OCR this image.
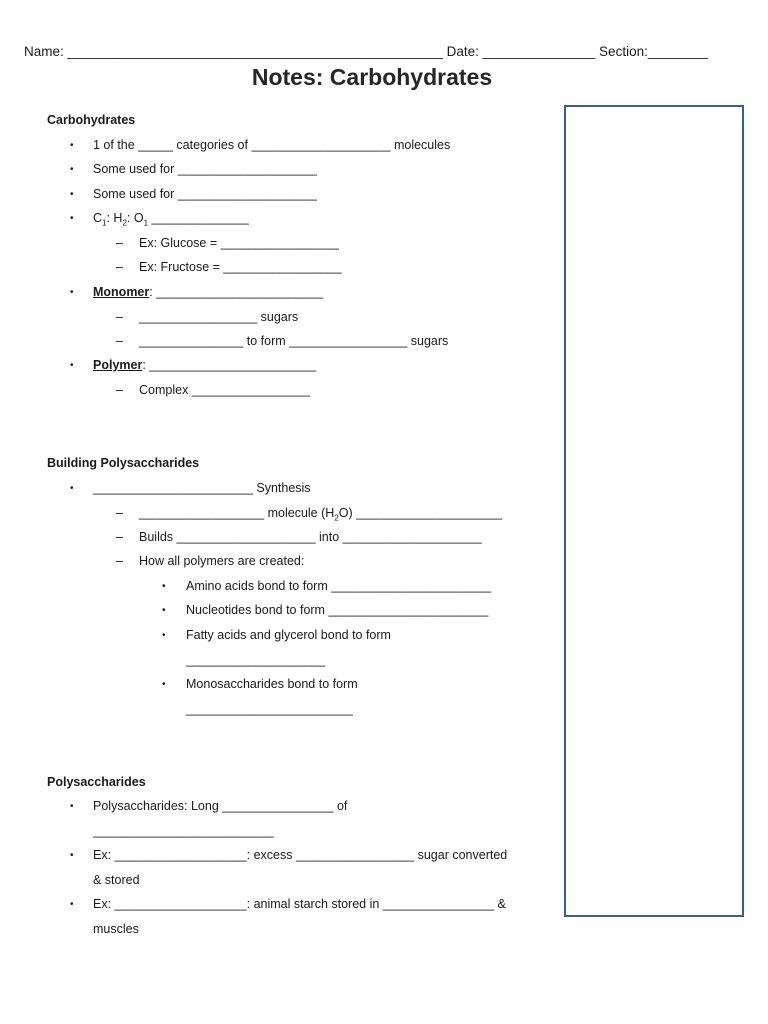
Name: __________________________________________________ Date: _______________ Section:________
Notes: Carbohydrates
Carbohydrates
• 1 of the _____ categories of ____________________ molecules
• Some used for ____________________
• Some used for ____________________
• $C_1$: $H_2$: $O_1$ ______________
– Ex: Glucose = _________________
– Ex: Fructose = _________________
• Monomer: ________________________
– _________________ sugars
– _______________ to form _________________ sugars
• Polymer: ________________________
– Complex _________________
Building Polysaccharides
• _______________________ Synthesis
– __________________ molecule $(H_2O)$ _____________________
– Builds ____________________ into ____________________
– How all polymers are created:
• Amino acids bond to form _______________________
• Nucleotides bond to form _______________________
• Fatty acids and glycerol bond to form
____________________
• Monosaccharides bond to form
________________________
Polysaccharides
• Polysaccharides: Long ________________ of
__________________________
• Ex: ___________________: excess _________________ sugar converted
& stored
• Ex: ___________________: animal starch stored in ________________ &
muscles
